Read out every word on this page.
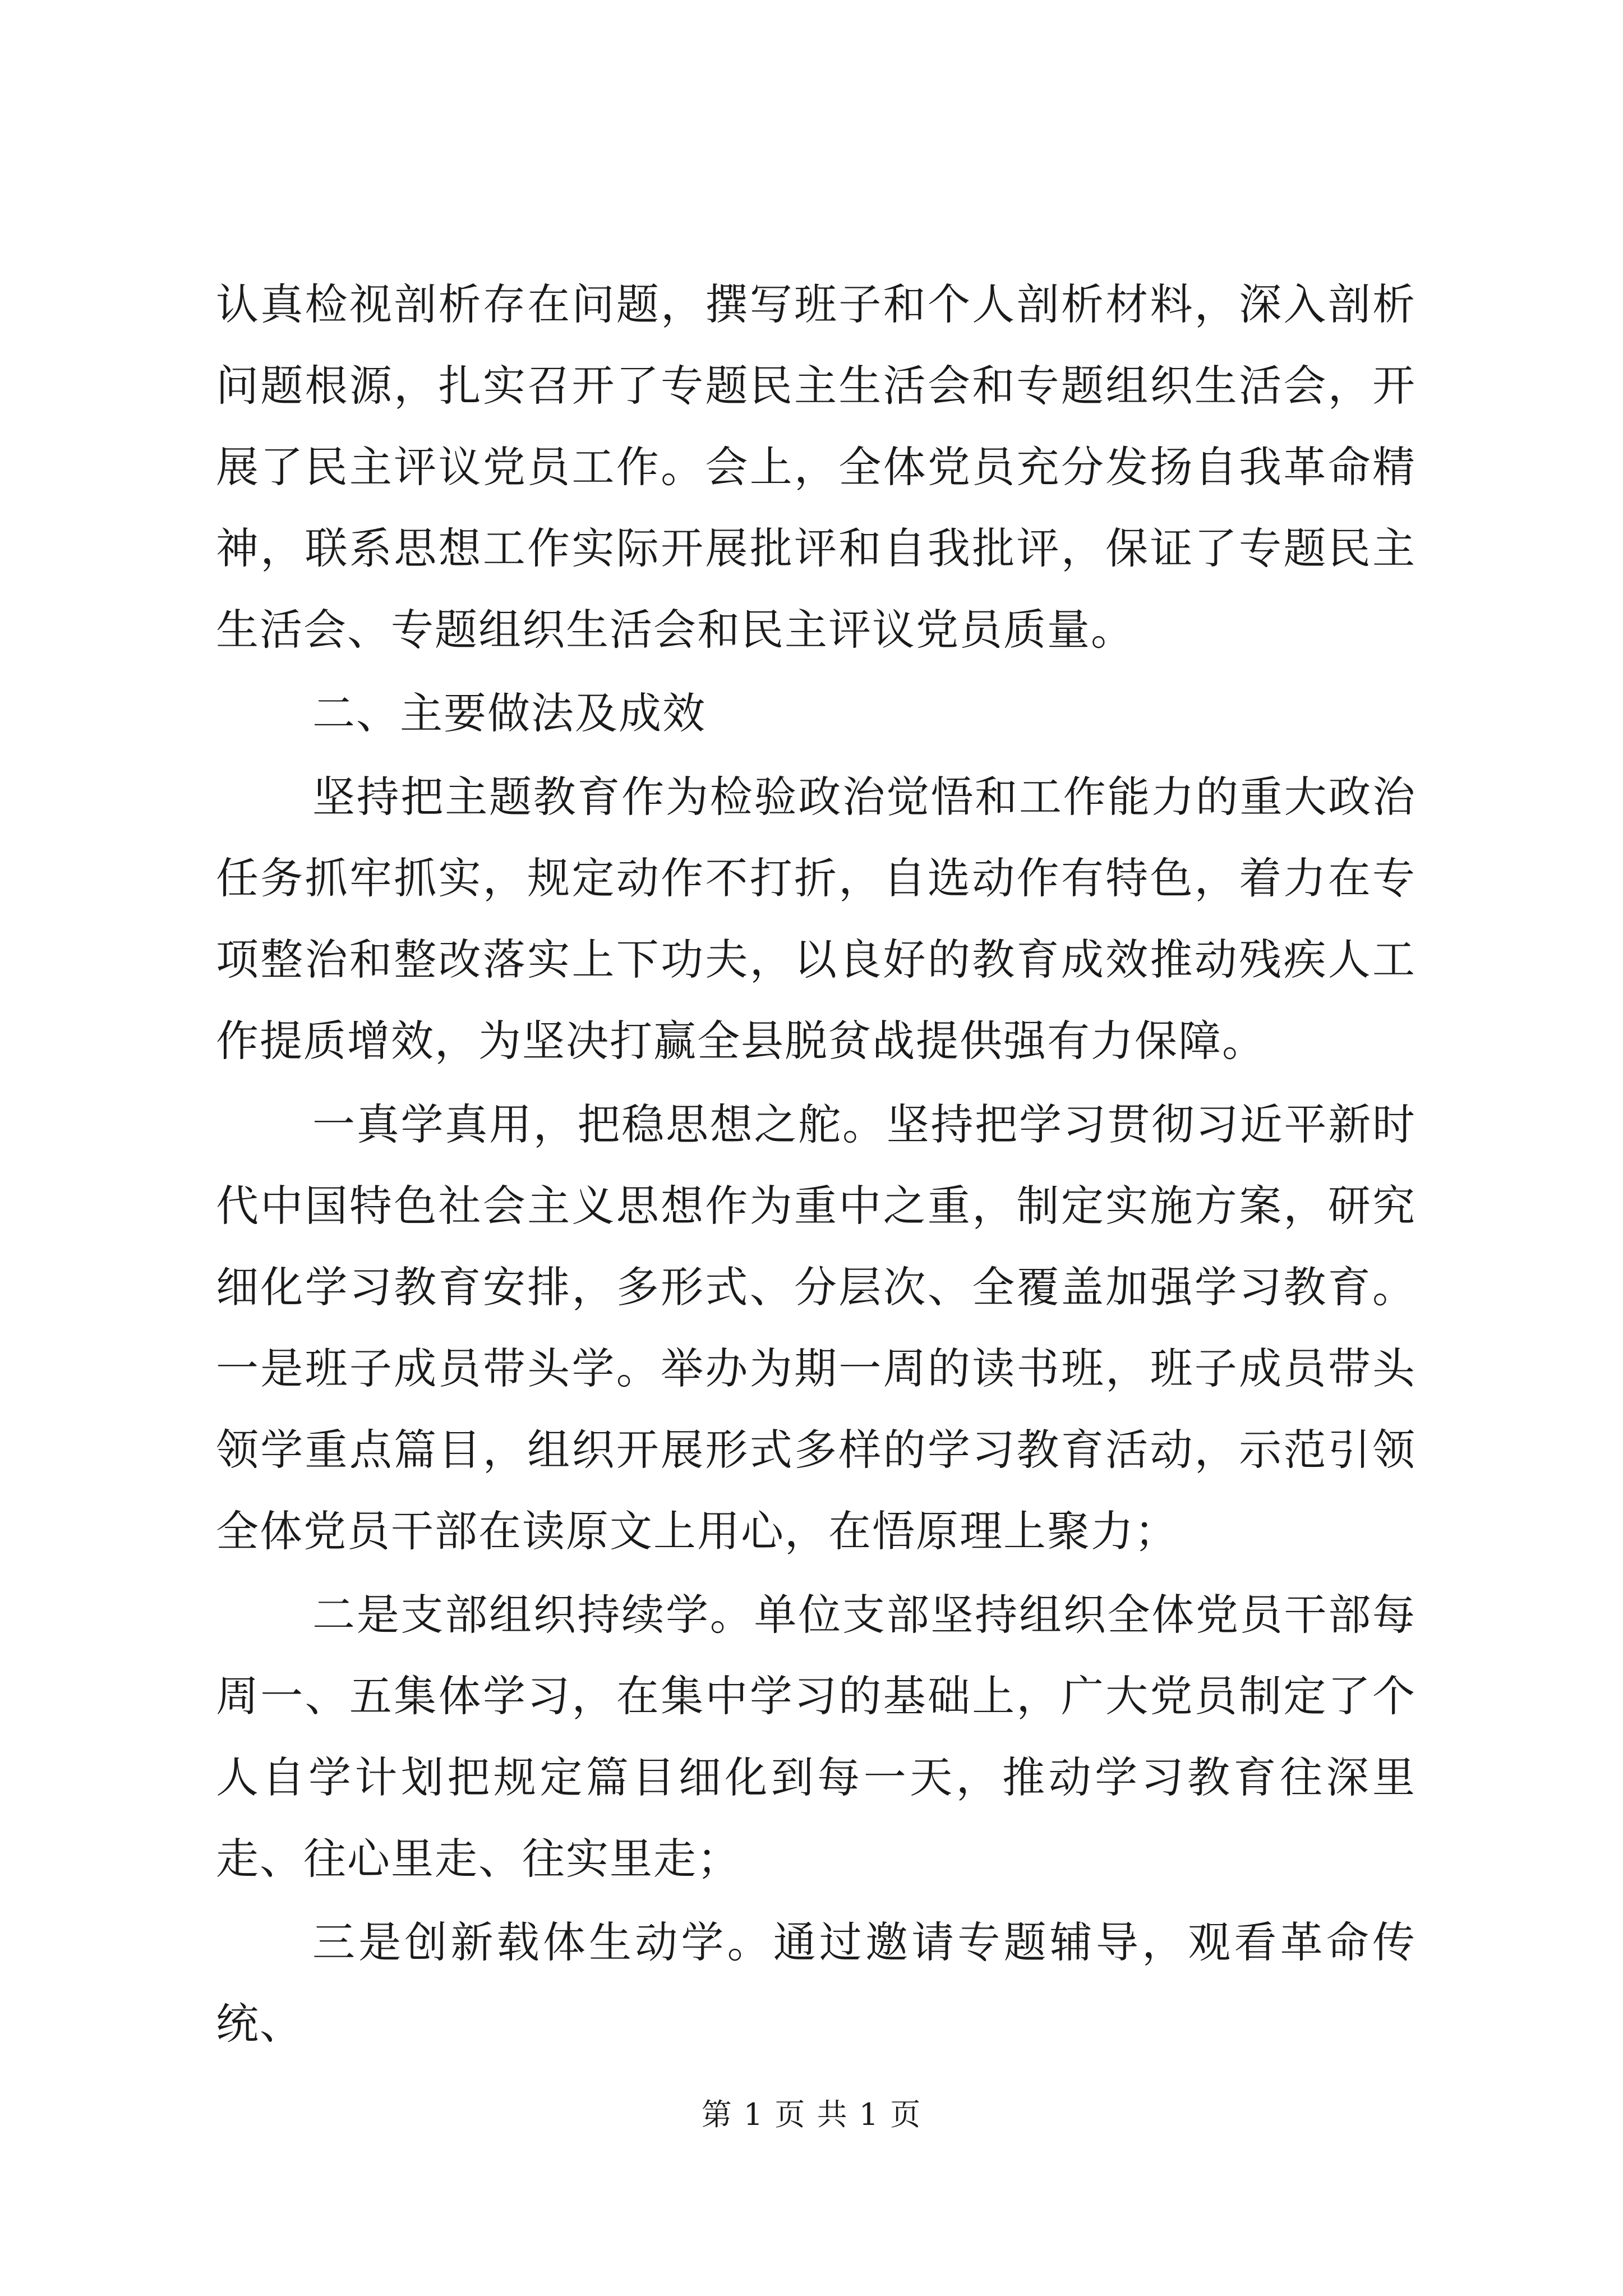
认真检视剖析存在问题，撰写班子和个人剖析材料，深入剖析问题根源，扎实召开了专题民主生活会和专题组织生活会，开展了民主评议党员工作。会上，全体党员充分发扬自我革命精神，联系思想工作实际开展批评和自我批评，保证了专题民主生活会、专题组织生活会和民主评议党员质量。

二、主要做法及成效

坚持把主题教育作为检验政治觉悟和工作能力的重大政治任务抓牢抓实，规定动作不打折，自选动作有特色，着力在专项整治和整改落实上下功夫，以良好的教育成效推动残疾人工作提质增效，为坚决打赢全县脱贫战提供强有力保障。

一真学真用，把稳思想之舵。坚持把学习贯彻习近平新时代中国特色社会主义思想作为重中之重，制定实施方案，研究细化学习教育安排，多形式、分层次、全覆盖加强学习教育。一是班子成员带头学。举办为期一周的读书班，班子成员带头领学重点篇目，组织开展形式多样的学习教育活动，示范引领全体党员干部在读原文上用心，在悟原理上聚力；

二是支部组织持续学。单位支部坚持组织全体党员干部每周一、五集体学习，在集中学习的基础上，广大党员制定了个人自学计划把规定篇目细化到每一天，推动学习教育往深里走、往心里走、往实里走；

三是创新载体生动学。通过邀请专题辅导，观看革命传统、

第 1 页 共 1 页
